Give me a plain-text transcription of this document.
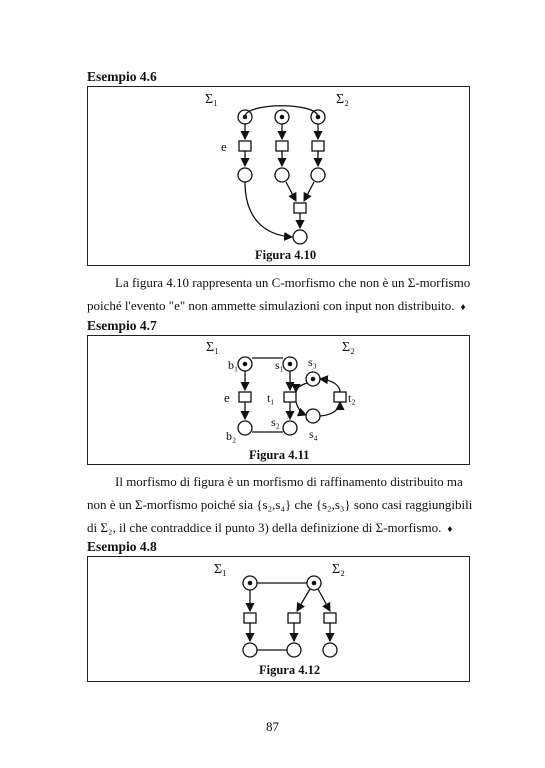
Esempio 4.6
Σ₁	Σ₂
e
Figura 4.10
La figura 4.10 rappresenta un C-morfismo che non è un Σ-morfismo
poiché l'evento "e" non ammette simulazioni con input non distribuito. ♦
Esempio 4.7
Σ₁	Σ₂
b₁	s₁ s₃
e	t₁	t₂
s₂
b₂	s₄
Figura 4.11
Il morfismo di figura è un morfismo di raffinamento distribuito ma
non è un Σ-morfismo poiché sia {s₂,s₄} che {s₂,s₃} sono casi raggiungibili
di Σ₂, il che contraddice il punto 3) della definizione di Σ-morfismo. ♦
Esempio 4.8
Σ₁	Σ₂
Figura 4.12
87
